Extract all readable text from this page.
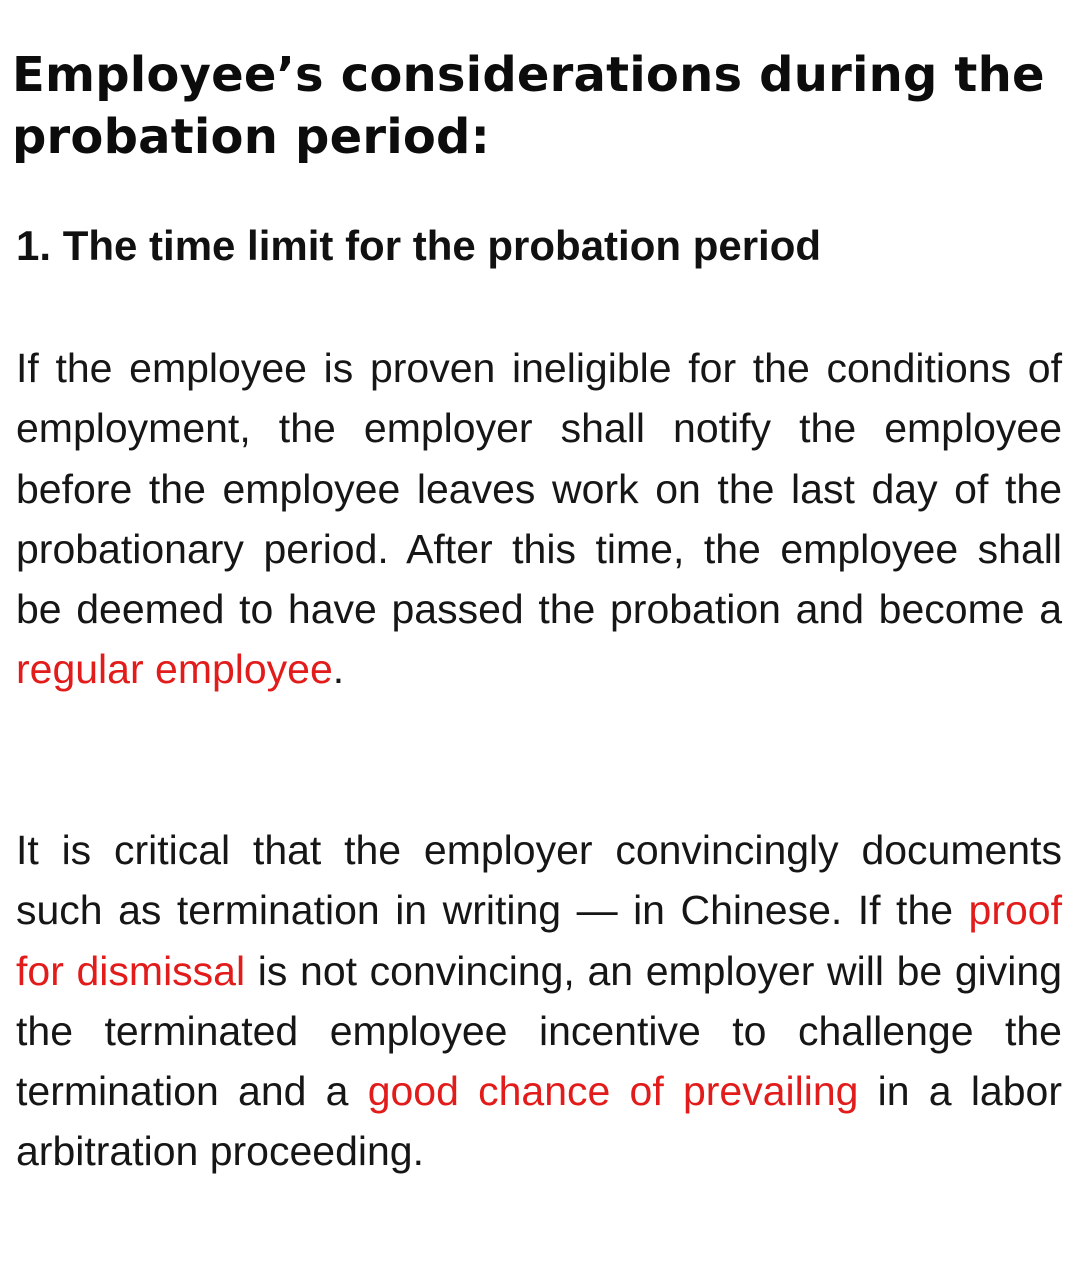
Employee’s considerations during the probation period:
1. The time limit for the probation period

If the employee is proven ineligible for the conditions of employment, the employer shall notify the employee before the employee leaves work on the last day of the probationary period. After this time, the employee shall be deemed to have passed the probation and become a regular employee.

It is critical that the employer convincingly documents such as termination in writing — in Chinese. If the proof for dismissal is not convincing, an employer will be giving the terminated employee incentive to challenge the termination and a good chance of prevailing in a labor arbitration proceeding.
